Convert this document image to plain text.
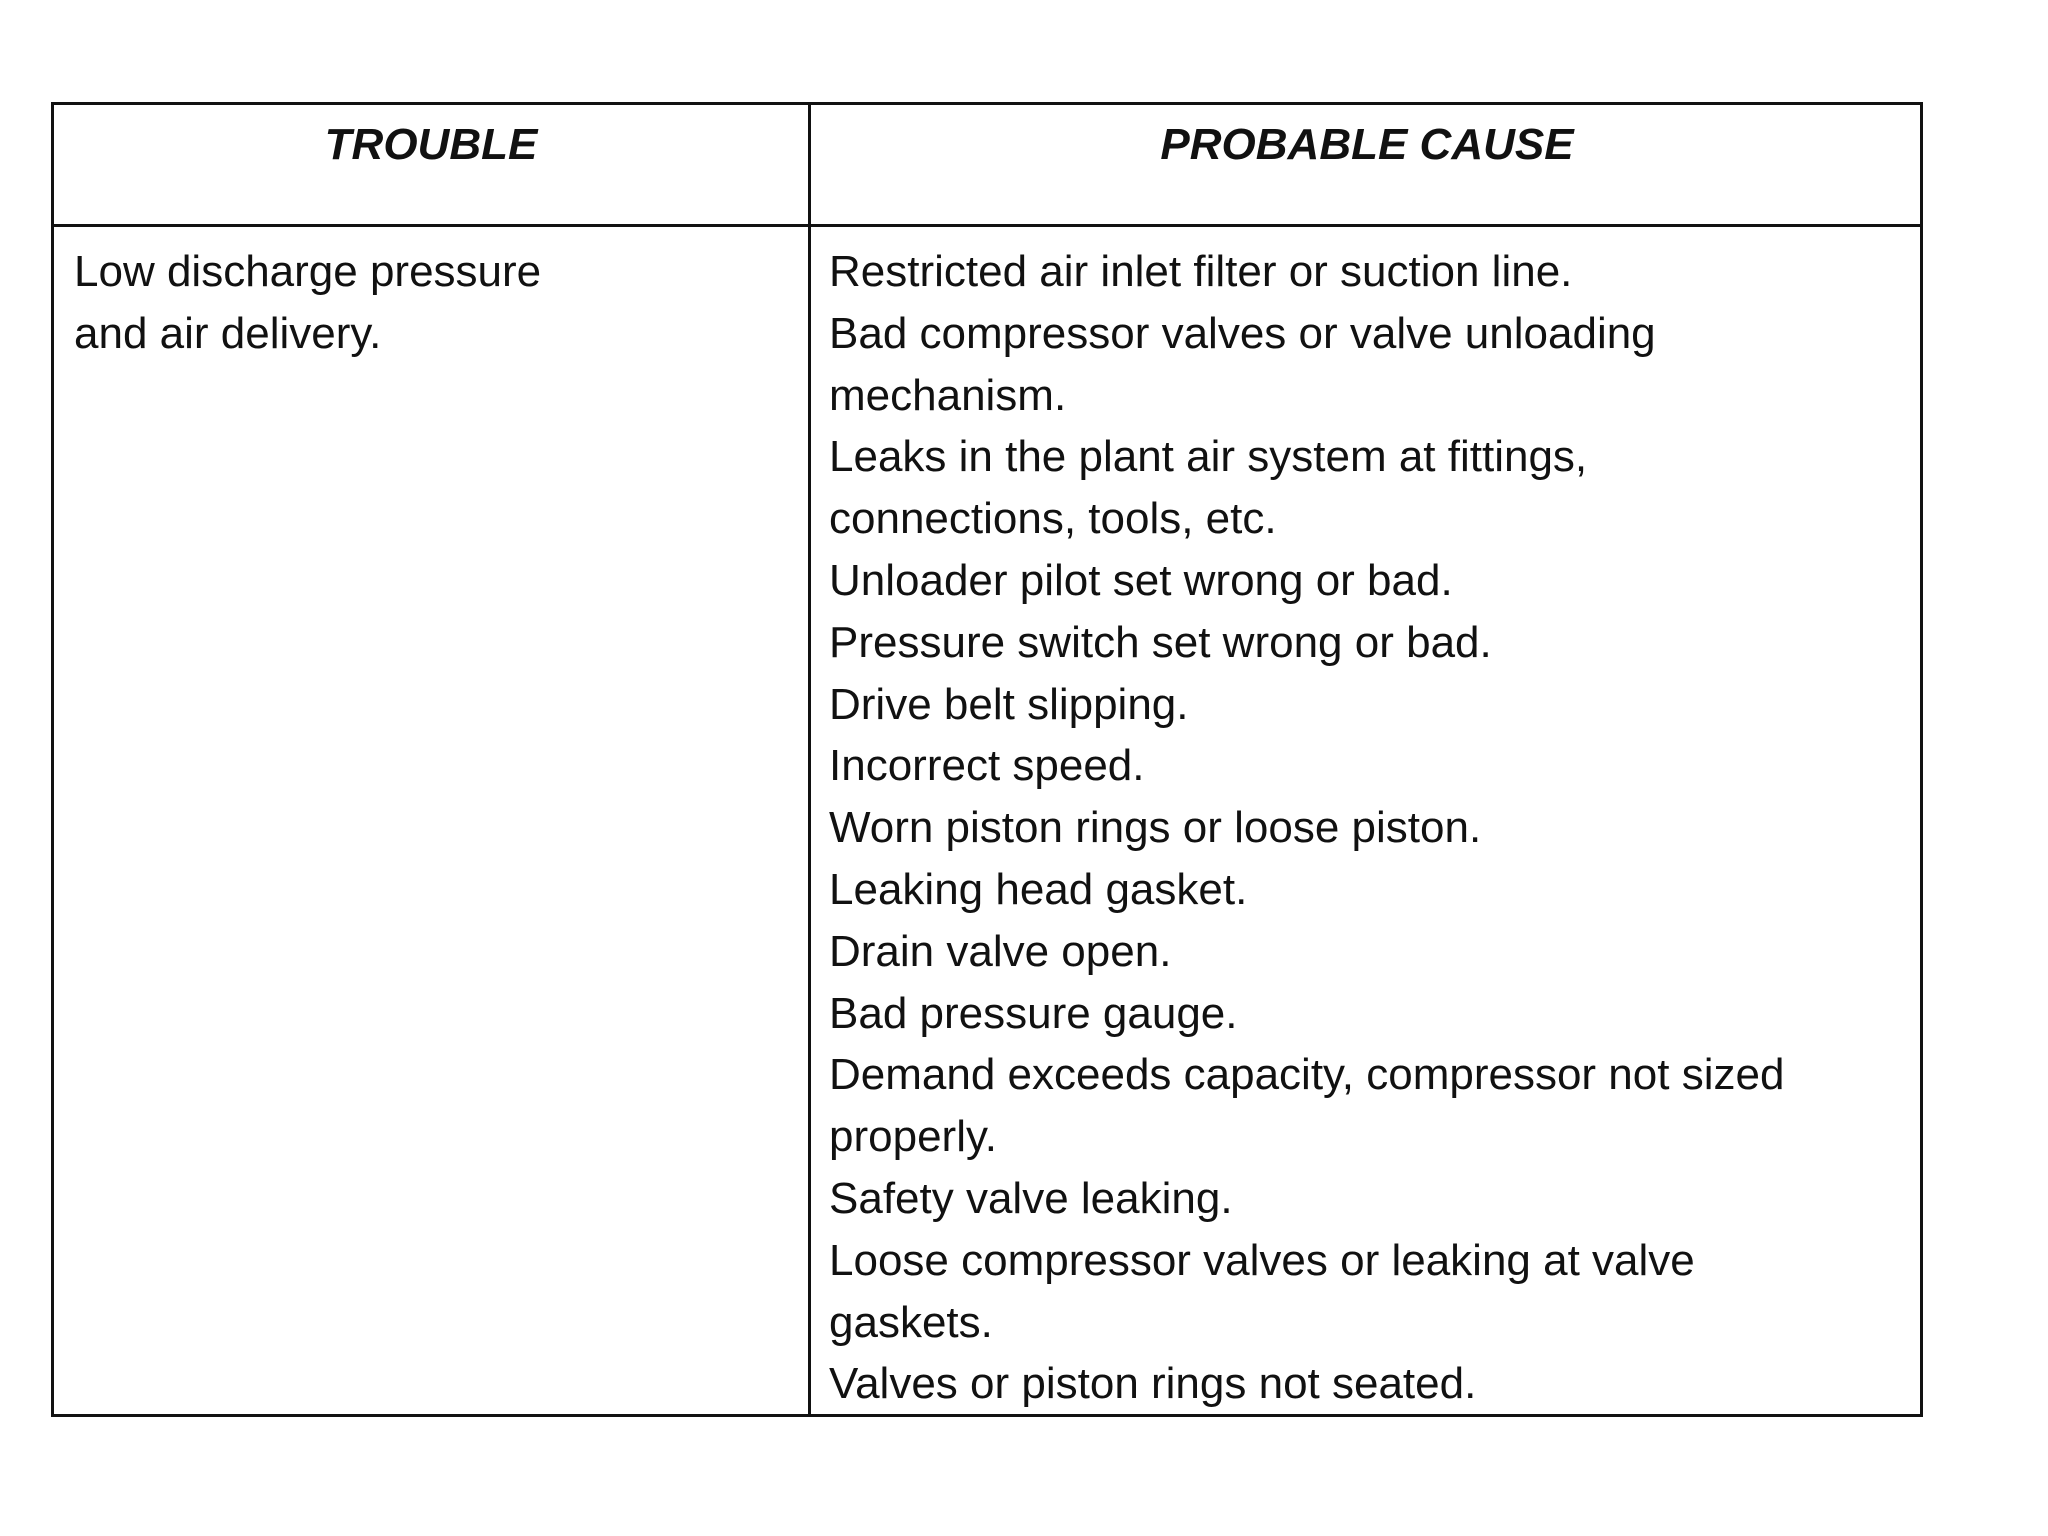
TROUBLE	PROBABLE CAUSE
Low discharge pressure
and air delivery.
Restricted air inlet filter or suction line.
Bad compressor valves or valve unloading
mechanism.
Leaks in the plant air system at fittings,
connections, tools, etc.
Unloader pilot set wrong or bad.
Pressure switch set wrong or bad.
Drive belt slipping.
Incorrect speed.
Worn piston rings or loose piston.
Leaking head gasket.
Drain valve open.
Bad pressure gauge.
Demand exceeds capacity, compressor not sized
properly.
Safety valve leaking.
Loose compressor valves or leaking at valve
gaskets.
Valves or piston rings not seated.
